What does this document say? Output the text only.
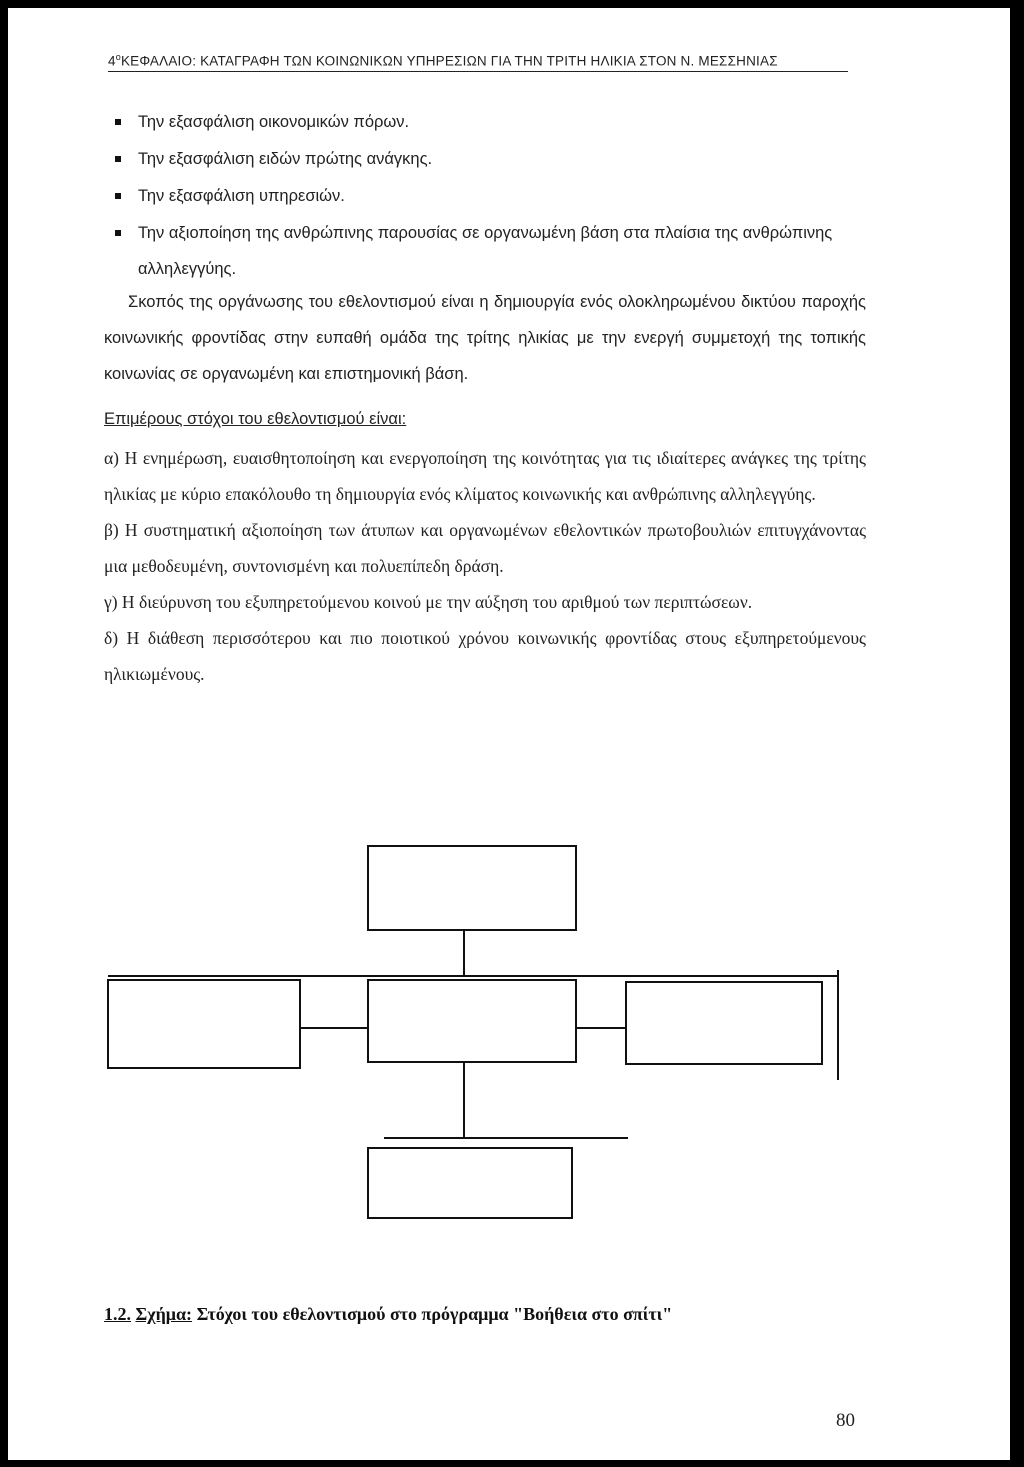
$4^oKE\Phi A\Lambda AIO$: ΚΑΤΑΓΡΑΦΗ ΤΩΝ ΚΟΙΝΩΝΙΚΩΝ ΥΠΗΡΕΣΙΩΝ ΓΙΑ ΤΗΝ ΤΡΙΤΗ ΗΛΙΚΙΑ ΣΤΟΝ Ν. ΜΕΣΣΗΝΙΑΣ
Την εξασφάλιση οικονομικών πόρων.
Την εξασφάλιση ειδών πρώτης ανάγκης.
Την εξασφάλιση υπηρεσιών.
Την αξιοποίηση της ανθρώπινης παρουσίας σε οργανωμένη βάση στα πλαίσια της ανθρώπινης αλληλεγγύης.
Σκοπός της οργάνωσης του εθελοντισμού είναι η δημιουργία ενός ολοκληρωμένου δικτύου παροχής κοινωνικής φροντίδας στην ευπαθή ομάδα της τρίτης ηλικίας με την ενεργή συμμετοχή της τοπικής κοινωνίας σε οργανωμένη και επιστημονική βάση.
Επιμέρους στόχοι του εθελοντισμού είναι:

α) Η ενημέρωση, ευαισθητοποίηση και ενεργοποίηση της κοινότητας για τις ιδιαίτερες ανάγκες της τρίτης ηλικίας με κύριο επακόλουθο τη δημιουργία ενός κλίματος κοινωνικής και ανθρώπινης αλληλεγγύης.

β) Η συστηματική αξιοποίηση των άτυπων και οργανωμένων εθελοντικών πρωτοβουλιών επιτυγχάνοντας μια μεθοδευμένη, συντονισμένη και πολυεπίπεδη δράση.

γ) Η διεύρυνση του εξυπηρετούμενου κοινού με την αύξηση του αριθμού των περιπτώσεων.

δ) Η διάθεση περισσότερου και πιο ποιοτικού χρόνου κοινωνικής φροντίδας στους εξυπηρετούμενους ηλικιωμένους.

1.2. Σχήμα: Στόχοι του εθελοντισμού στο πρόγραμμα "Βοήθεια στο σπίτι"
80
